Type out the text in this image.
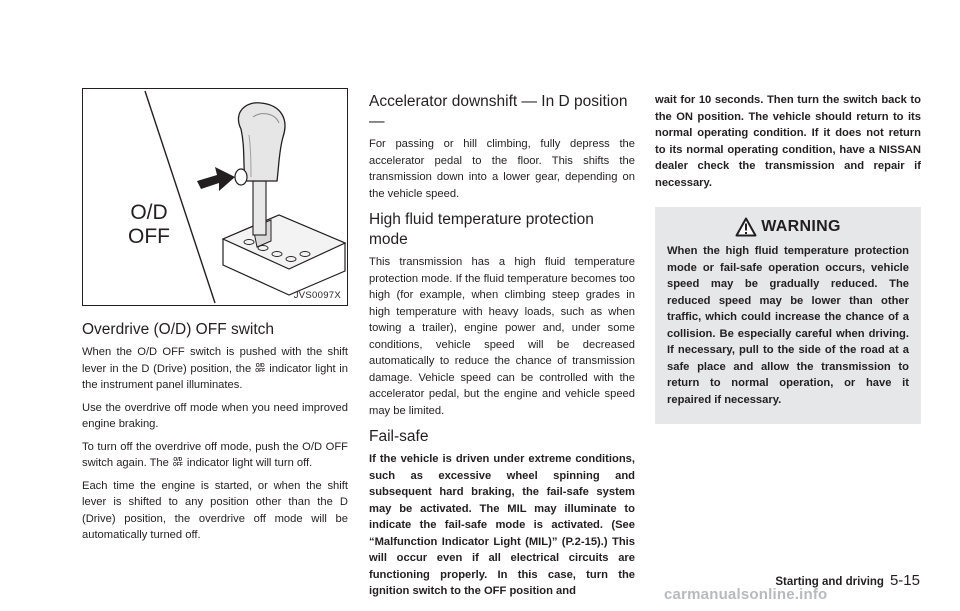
O/D
OFF
JVS0097X
Overdrive (O/D) OFF switch

When the O/D OFF switch is pushed with the shift lever in the D (Drive) position, the O/D
OFF indicator light in the instrument panel illuminates.

Use the overdrive off mode when you need improved engine braking.

To turn off the overdrive off mode, push the O/D OFF switch again. The O/D
OFF indicator light will turn off.

Each time the engine is started, or when the shift lever is shifted to any position other than the D (Drive) position, the overdrive off mode will be automatically turned off.

Accelerator downshift — In D position —

For passing or hill climbing, fully depress the accelerator pedal to the floor. This shifts the transmission down into a lower gear, depending on the vehicle speed.

High fluid temperature protection mode

This transmission has a high fluid temperature protection mode. If the fluid temperature becomes too high (for example, when climbing steep grades in high temperature with heavy loads, such as when towing a trailer), engine power and, under some conditions, vehicle speed will be decreased automatically to reduce the chance of transmission damage. Vehicle speed can be controlled with the accelerator pedal, but the engine and vehicle speed may be limited.

Fail-safe

If the vehicle is driven under extreme conditions, such as excessive wheel spinning and subsequent hard braking, the fail-safe system may be activated. The MIL may illuminate to indicate the fail-safe mode is activated. (See “Malfunction Indicator Light (MIL)” (P.2-15).) This will occur even if all electrical circuits are functioning properly. In this case, turn the ignition switch to the OFF position and

wait for 10 seconds. Then turn the switch back to the ON position. The vehicle should return to its normal operating condition. If it does not return to its normal operating condition, have a NISSAN dealer check the transmission and repair if necessary.

WARNING

When the high fluid temperature protection mode or fail-safe operation occurs, vehicle speed may be gradually reduced. The reduced speed may be lower than other traffic, which could increase the chance of a collision. Be especially careful when driving. If necessary, pull to the side of the road at a safe place and allow the transmission to return to normal operation, or have it repaired if necessary.

Starting and driving 5-15
carmanualsonline.info
